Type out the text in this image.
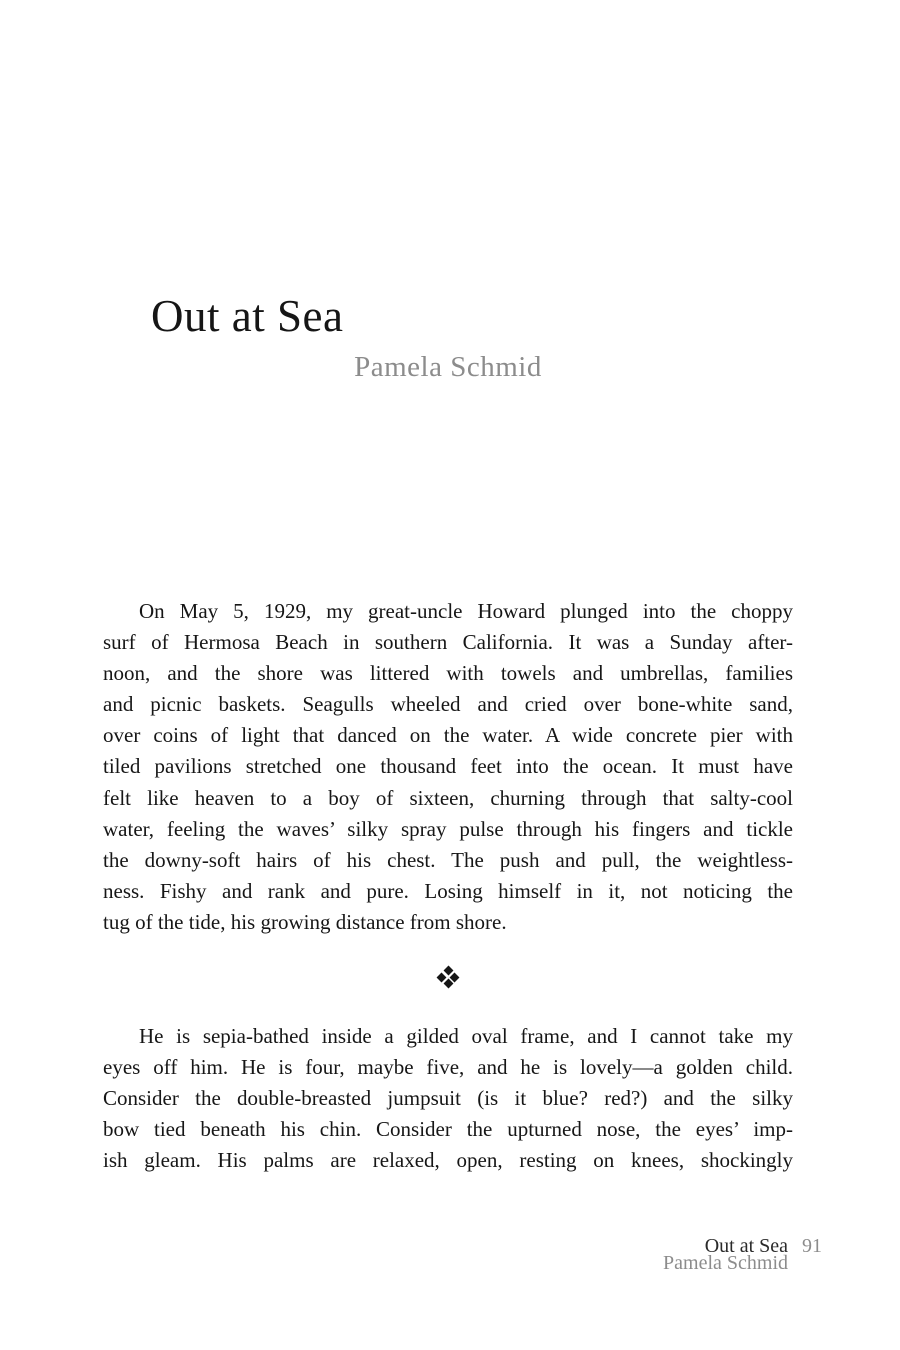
Out at Sea
Pamela Schmid
On May 5, 1929, my great-uncle Howard plunged into the choppy
surf of Hermosa Beach in southern California. It was a Sunday after-
noon, and the shore was littered with towels and umbrellas, families
and picnic baskets. Seagulls wheeled and cried over bone-white sand,
over coins of light that danced on the water. A wide concrete pier with
tiled pavilions stretched one thousand feet into the ocean. It must have
felt like heaven to a boy of sixteen, churning through that salty-cool
water, feeling the waves’ silky spray pulse through his fingers and tickle
the downy-soft hairs of his chest. The push and pull, the weightless-
ness. Fishy and rank and pure. Losing himself in it, not noticing the
tug of the tide, his growing distance from shore.
He is sepia-bathed inside a gilded oval frame, and I cannot take my
eyes off him. He is four, maybe five, and he is lovely—a golden child.
Consider the double-breasted jumpsuit (is it blue? red?) and the silky
bow tied beneath his chin. Consider the upturned nose, the eyes’ imp-
ish gleam. His palms are relaxed, open, resting on knees, shockingly
Out at Sea 91
Pamela Schmid
